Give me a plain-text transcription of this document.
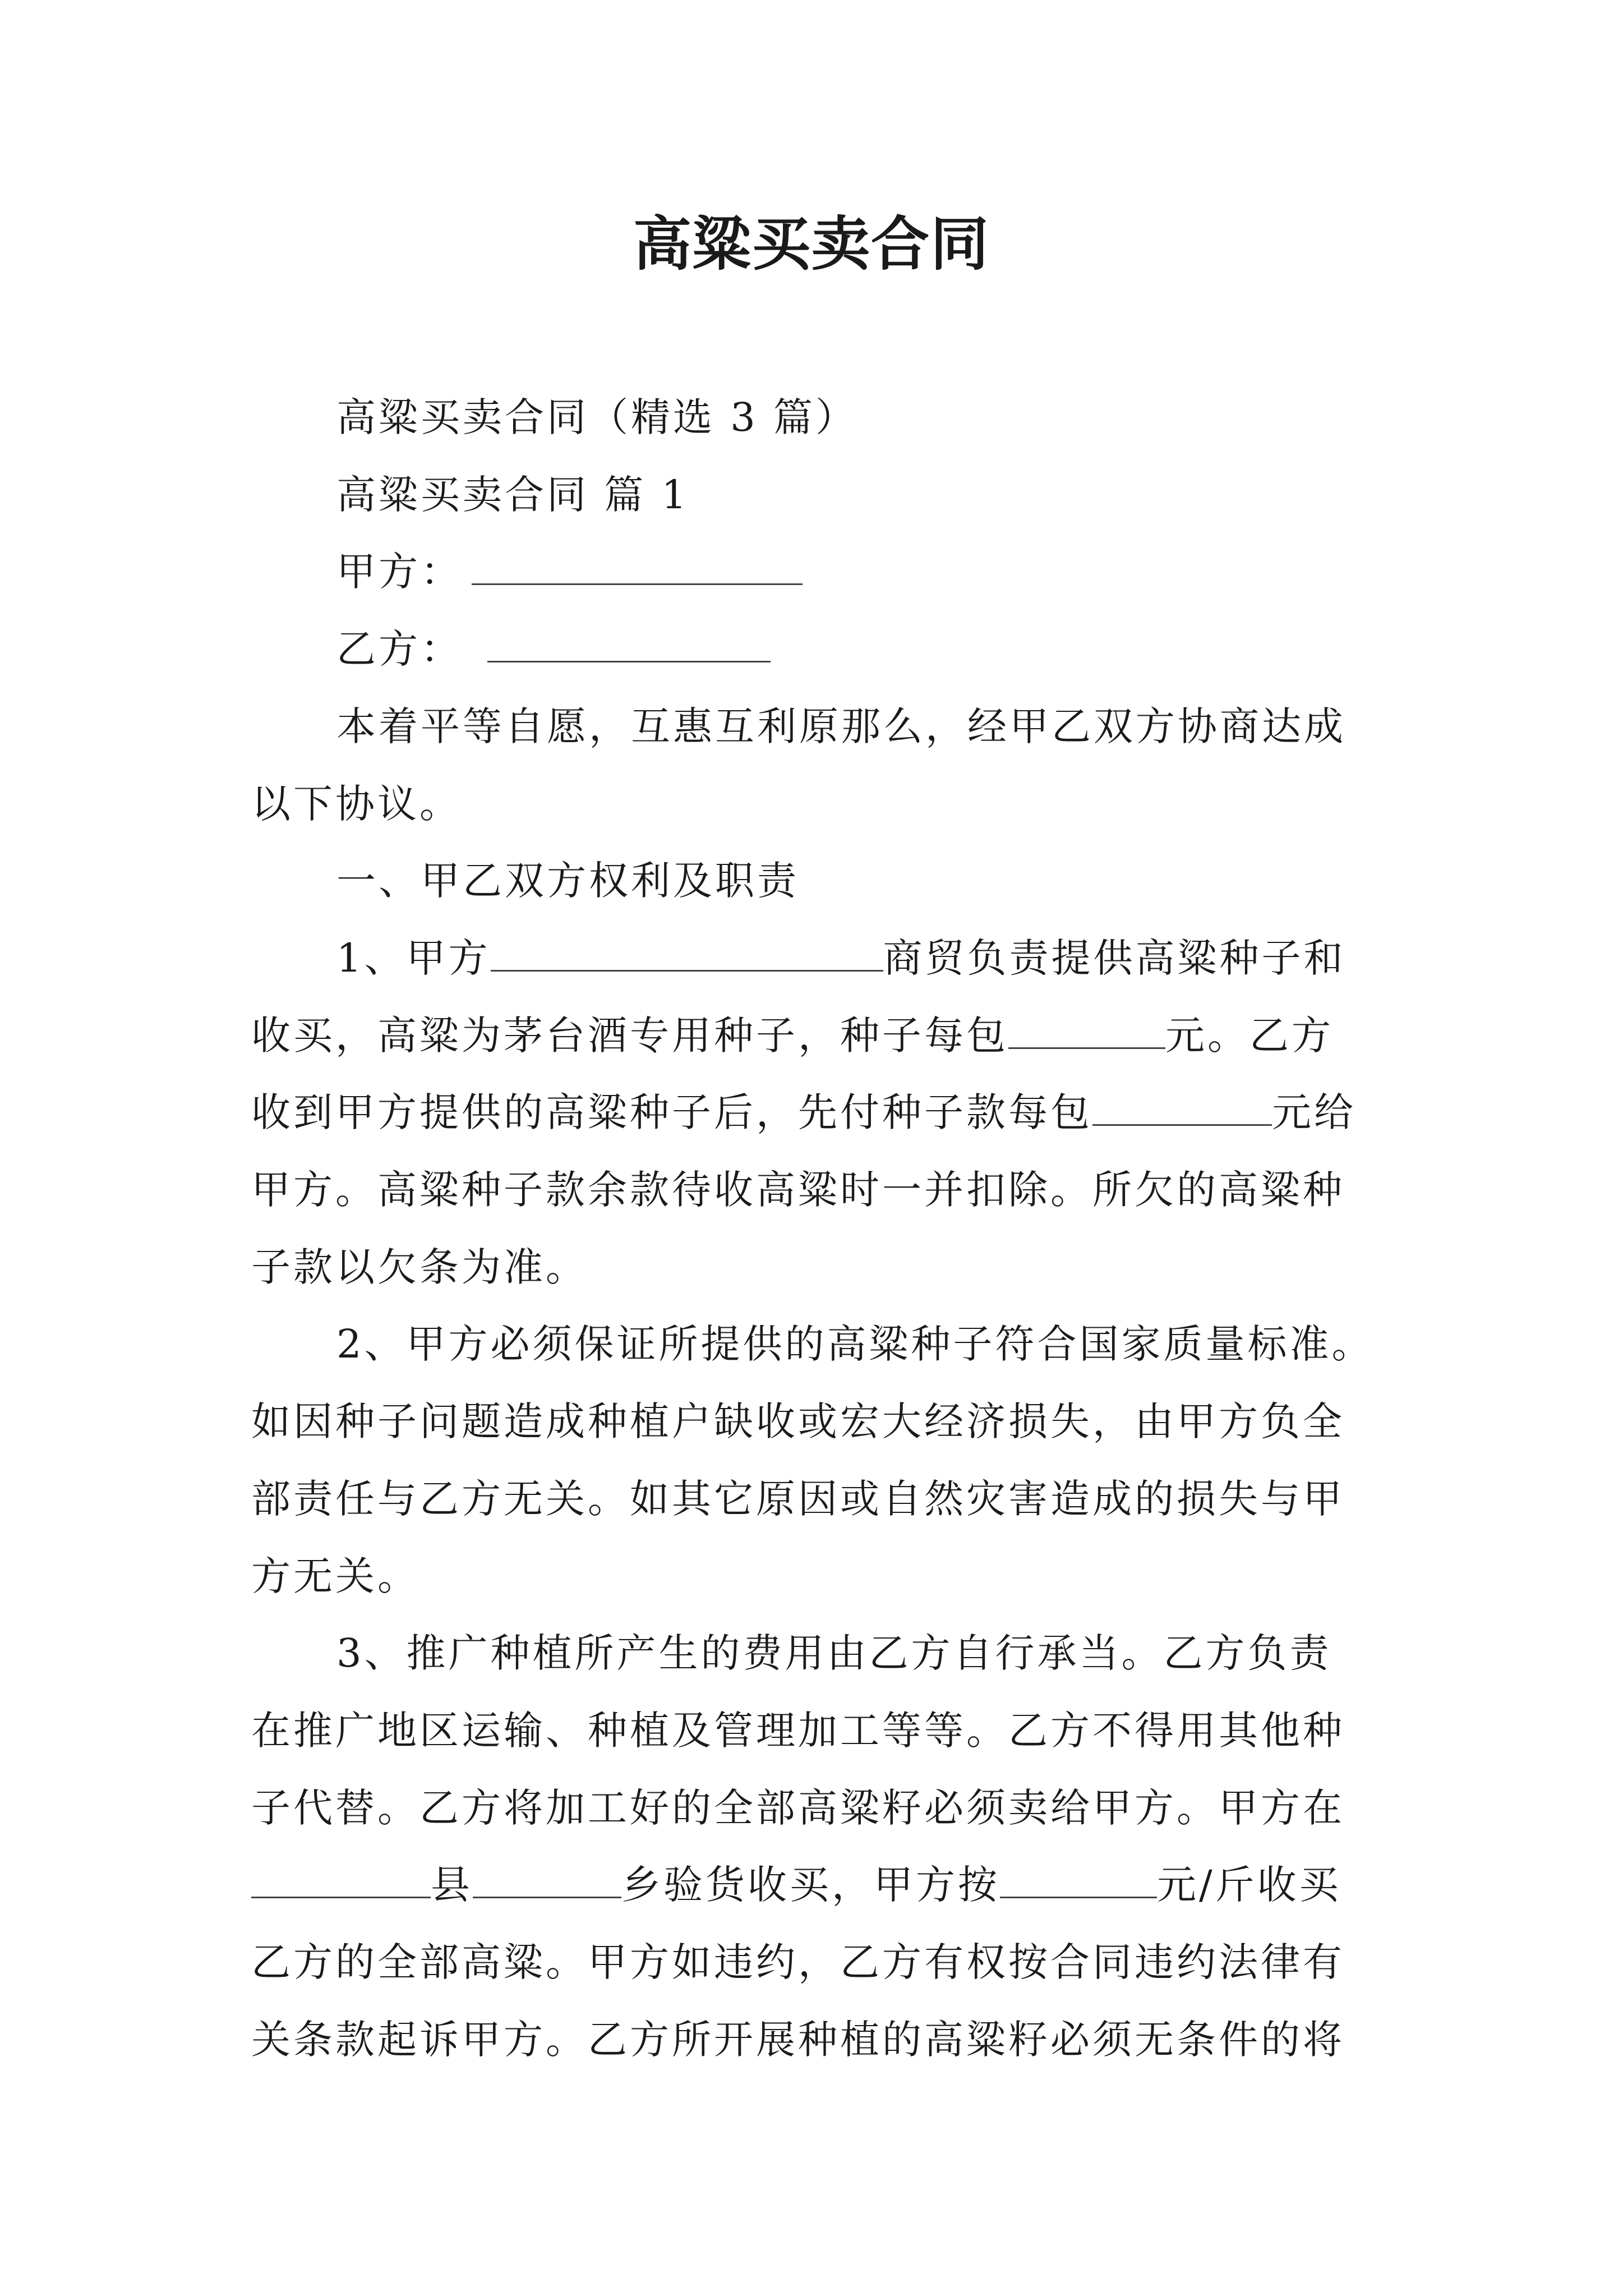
高粱买卖合同

高粱买卖合同（精选 3 篇）

高粱买卖合同 篇 1

甲方：

乙方：

本着平等自愿，互惠互利原那么，经甲乙双方协商达成

以下协议。

一、甲乙双方权利及职责

1、甲方	商贸负责提供高粱种子和

收买，高粱为茅台酒专用种子，种子每包	元。乙方

收到甲方提供的高粱种子后，先付种子款每包	元给

甲方。高粱种子款余款待收高粱时一并扣除。所欠的高粱种

子款以欠条为准。

2、甲方必须保证所提供的高粱种子符合国家质量标准。

如因种子问题造成种植户缺收或宏大经济损失，由甲方负全

部责任与乙方无关。如其它原因或自然灾害造成的损失与甲

方无关。

3、推广种植所产生的费用由乙方自行承当。乙方负责

在推广地区运输、种植及管理加工等等。乙方不得用其他种

子代替。乙方将加工好的全部高粱籽必须卖给甲方。甲方在

县	乡验货收买，甲方按	元/斤收买

乙方的全部高粱。甲方如违约，乙方有权按合同违约法律有

关条款起诉甲方。乙方所开展种植的高粱籽必须无条件的将
